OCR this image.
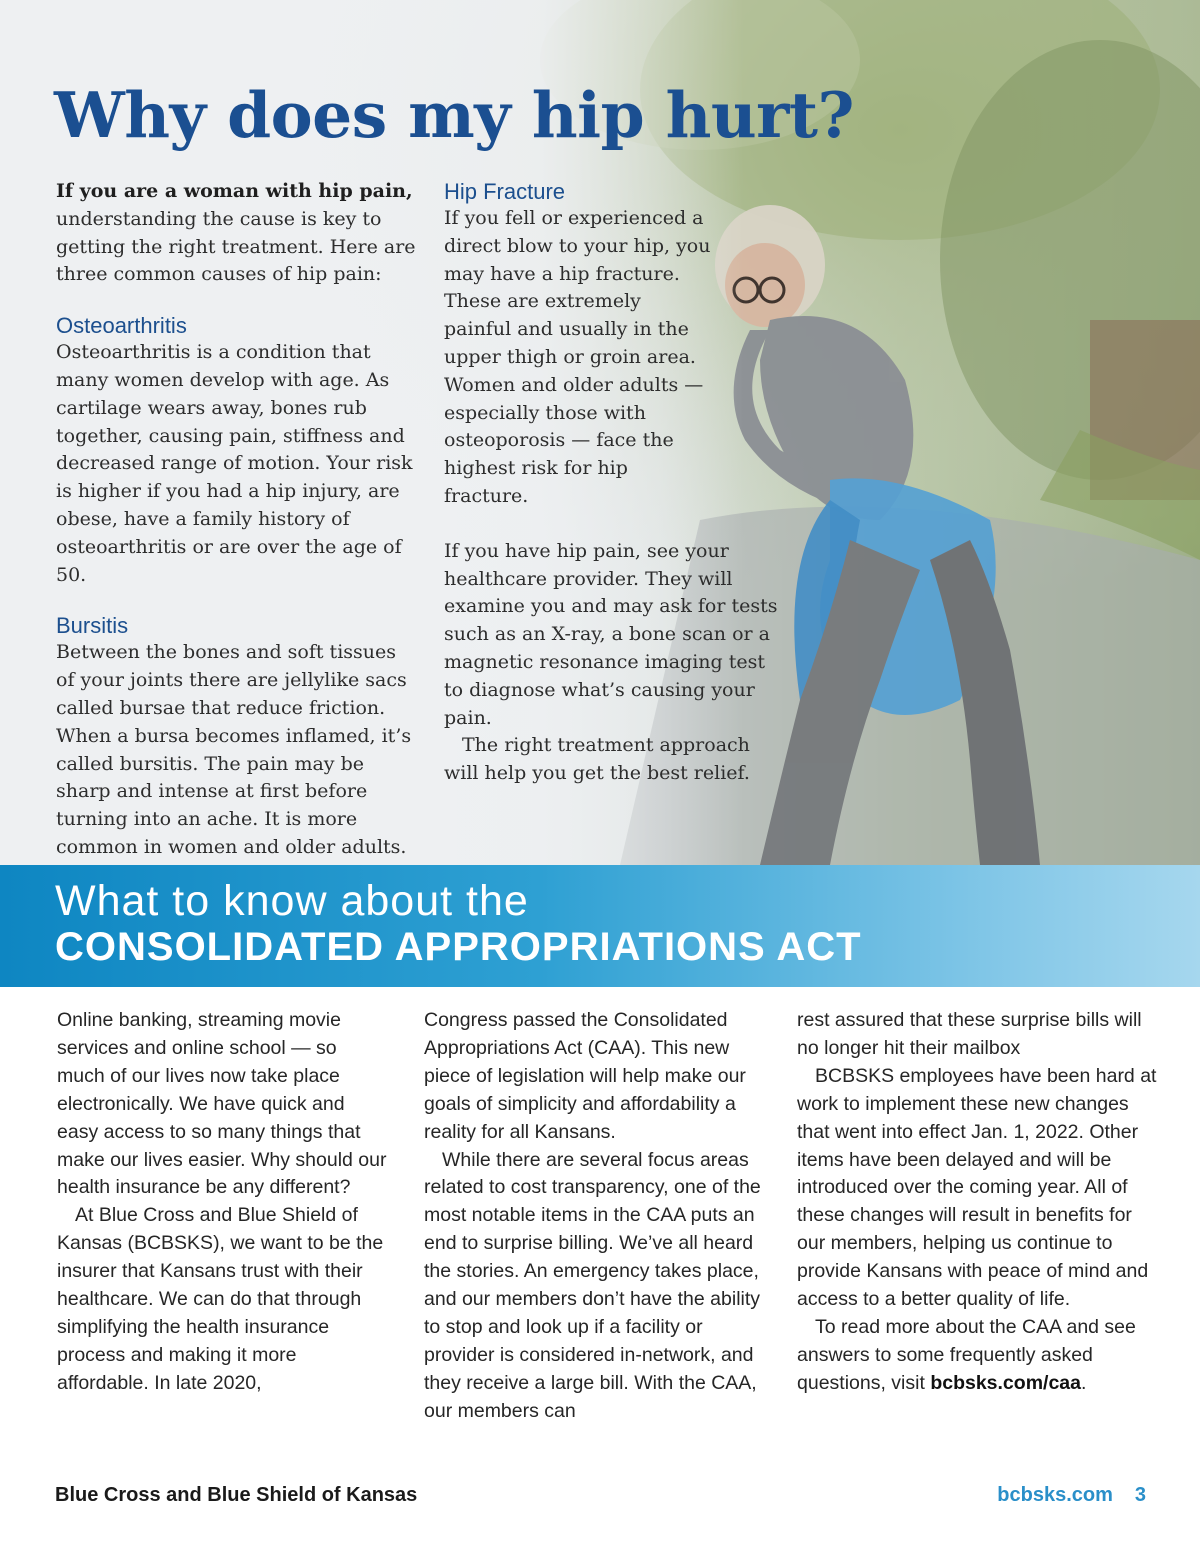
Why does my hip hurt?

If you are a woman with hip pain, understanding the cause is key to getting the right treatment. Here are three common causes of hip pain:

Osteoarthritis

Osteoarthritis is a condition that many women develop with age. As cartilage wears away, bones rub together, causing pain, stiffness and decreased range of motion. Your risk is higher if you had a hip injury, are obese, have a family history of osteoarthritis or are over the age of 50.

Bursitis

Between the bones and soft tissues of your joints there are jellylike sacs called bursae that reduce friction. When a bursa becomes inflamed, it’s called bursitis. The pain may be sharp and intense at first before turning into an ache. It is more common in women and older adults.

Hip Fracture

If you fell or experienced a direct blow to your hip, you may have a hip fracture. These are extremely painful and usually in the upper thigh or groin area. Women and older adults — especially those with osteoporosis — face the highest risk for hip fracture.

If you have hip pain, see your healthcare provider. They will examine you and may ask for tests such as an X-ray, a bone scan or a magnetic resonance imaging test to diagnose what’s causing your pain.

The right treatment approach will help you get the best relief.

What to know about the
CONSOLIDATED APPROPRIATIONS ACT

Online banking, streaming movie services and online school — so much of our lives now take place electronically. We have quick and easy access to so many things that make our lives easier. Why should our health insurance be any different?

At Blue Cross and Blue Shield of Kansas (BCBSKS), we want to be the insurer that Kansans trust with their healthcare. We can do that through simplifying the health insurance process and making it more affordable. In late 2020,

Congress passed the Consolidated Appropriations Act (CAA). This new piece of legislation will help make our goals of simplicity and affordability a reality for all Kansans.

While there are several focus areas related to cost transparency, one of the most notable items in the CAA puts an end to surprise billing. We’ve all heard the stories. An emergency takes place, and our members don’t have the ability to stop and look up if a facility or provider is considered in-network, and they receive a large bill. With the CAA, our members can

rest assured that these surprise bills will no longer hit their mailbox

BCBSKS employees have been hard at work to implement these new changes that went into effect Jan. 1, 2022. Other items have been delayed and will be introduced over the coming year. All of these changes will result in benefits for our members, helping us continue to provide Kansans with peace of mind and access to a better quality of life.

To read more about the CAA and see answers to some frequently asked questions, visit bcbsks.com/caa.

Blue Cross and Blue Shield of Kansas	bcbsks.com 3
